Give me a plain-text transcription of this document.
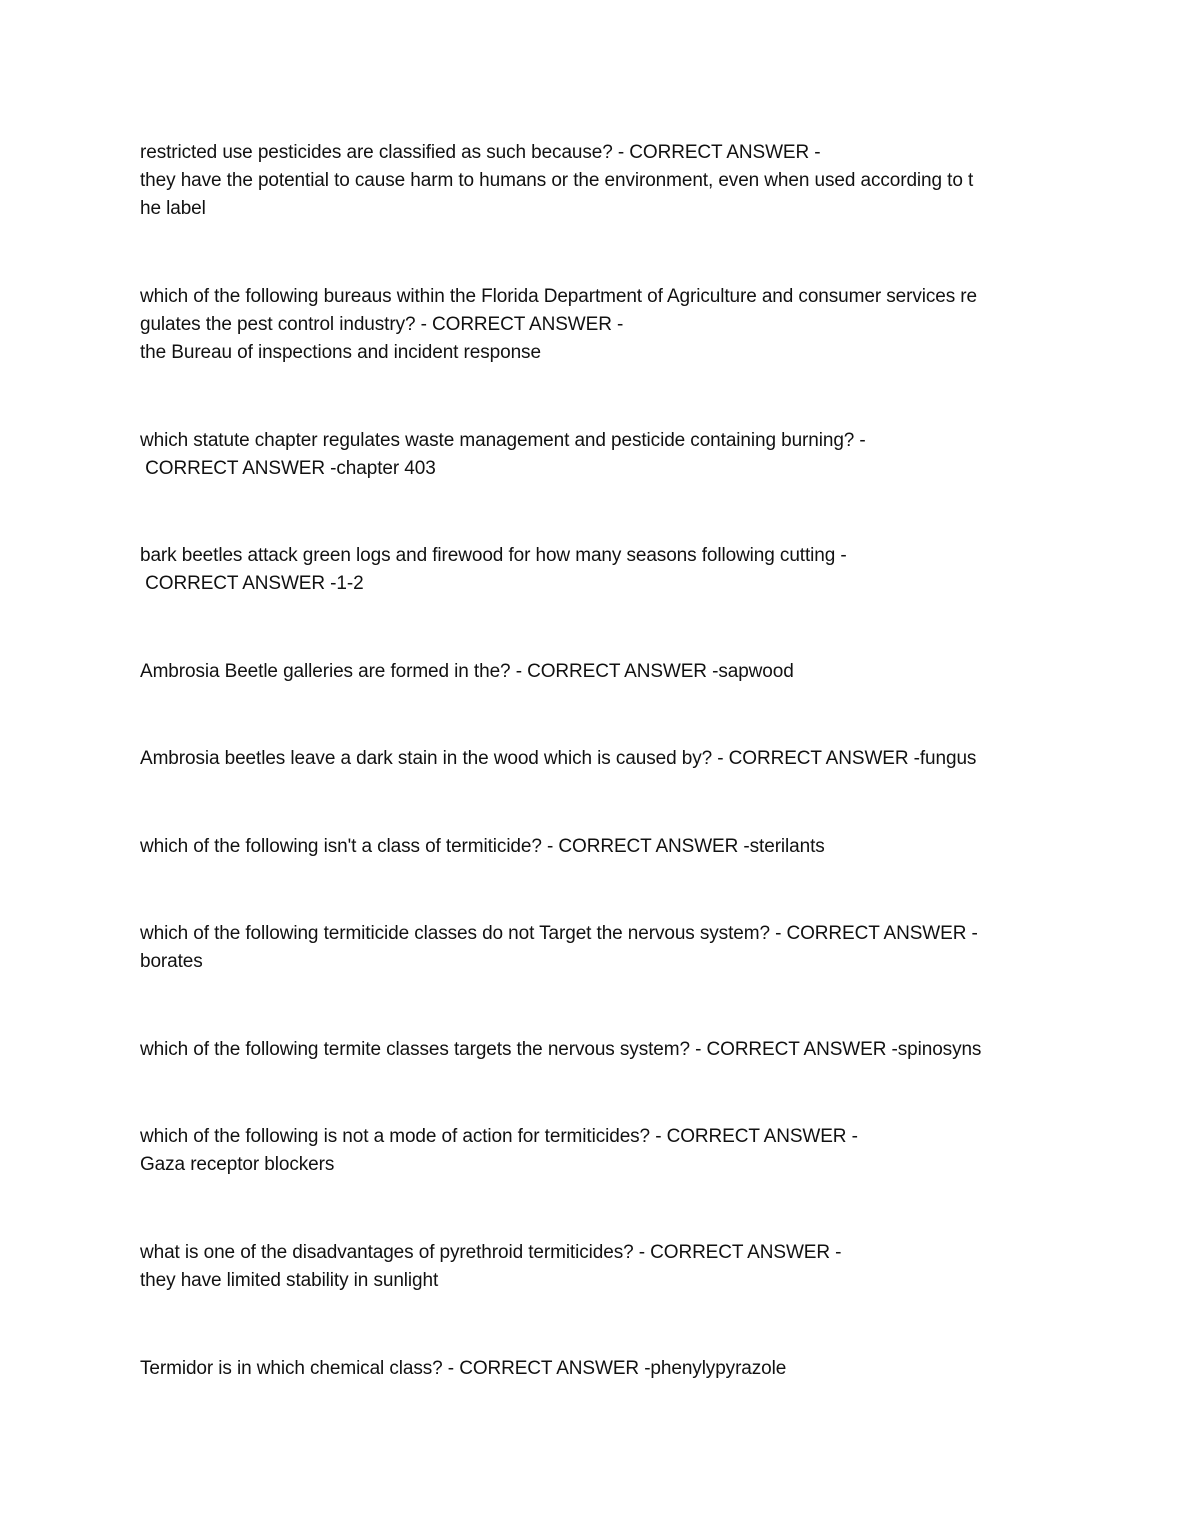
restricted use pesticides are classified as such because? - CORRECT ANSWER -
they have the potential to cause harm to humans or the environment, even when used according to t
he label
which of the following bureaus within the Florida Department of Agriculture and consumer services re
gulates the pest control industry? - CORRECT ANSWER -
the Bureau of inspections and incident response
which statute chapter regulates waste management and pesticide containing burning? -
CORRECT ANSWER -chapter 403
bark beetles attack green logs and firewood for how many seasons following cutting -
CORRECT ANSWER -1-2
Ambrosia Beetle galleries are formed in the? - CORRECT ANSWER -sapwood
Ambrosia beetles leave a dark stain in the wood which is caused by? - CORRECT ANSWER -fungus
which of the following isn't a class of termiticide? - CORRECT ANSWER -sterilants
which of the following termiticide classes do not Target the nervous system? - CORRECT ANSWER -
borates
which of the following termite classes targets the nervous system? - CORRECT ANSWER -spinosyns
which of the following is not a mode of action for termiticides? - CORRECT ANSWER -
Gaza receptor blockers
what is one of the disadvantages of pyrethroid termiticides? - CORRECT ANSWER -
they have limited stability in sunlight
Termidor is in which chemical class? - CORRECT ANSWER -phenylypyrazole
